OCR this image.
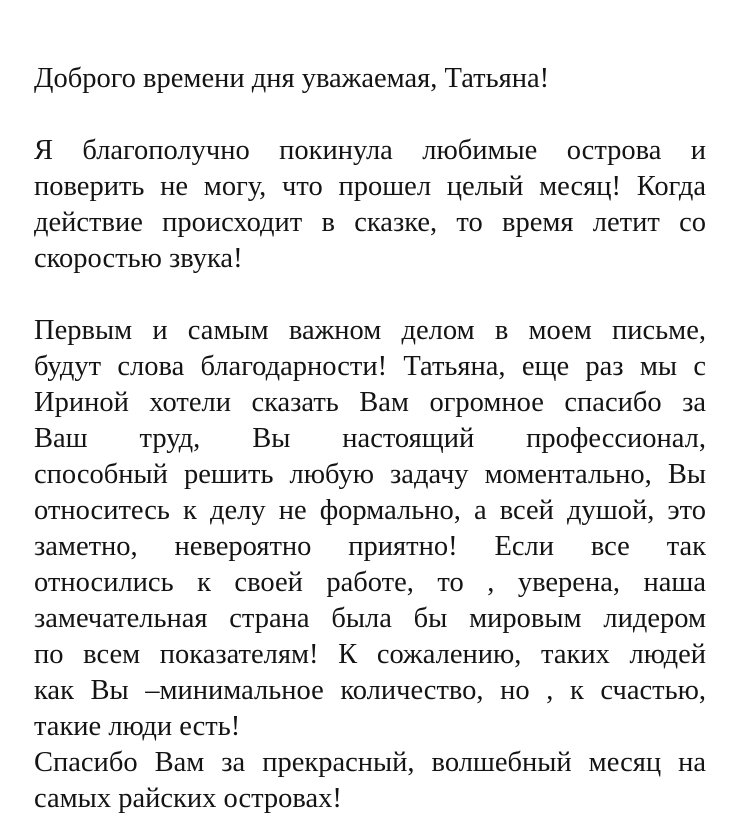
Доброго времени дня уважаемая, Татьяна!
Я благополучно покинула любимые острова и
поверить не могу, что прошел целый месяц! Когда
действие происходит в сказке, то время летит со
скоростью звука!
Первым и самым важном делом в моем письме,
будут слова благодарности! Татьяна, еще раз мы с
Ириной хотели сказать Вам огромное спасибо за
Ваш труд, Вы настоящий профессионал,
способный решить любую задачу моментально, Вы
относитесь к делу не формально, а всей душой, это
заметно, невероятно приятно! Если все так
относились к своей работе, то , уверена, наша
замечательная страна была бы мировым лидером
по всем показателям! К сожалению, таких людей
как Вы –минимальное количество, но , к счастью,
такие люди есть!
Спасибо Вам за прекрасный, волшебный месяц на
самых райских островах!
